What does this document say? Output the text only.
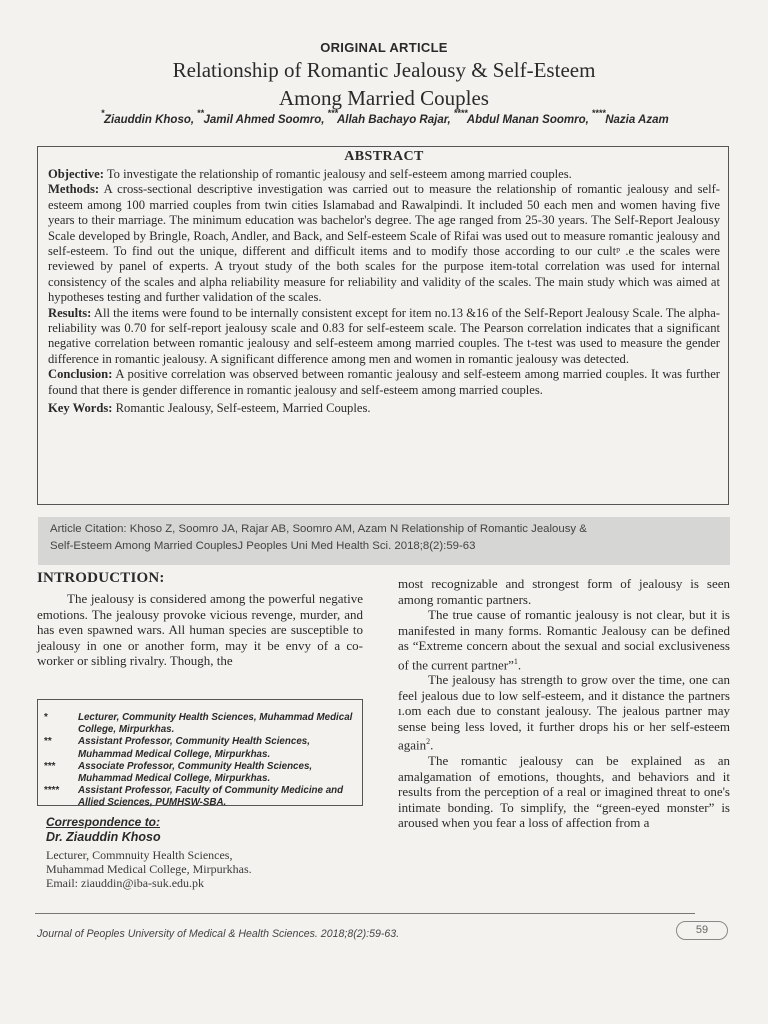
ORIGINAL ARTICLE
Relationship of Romantic Jealousy & Self-Esteem
Among Married Couples
* Ziauddin Khoso, ** Jamil Ahmed Soomro, *** Allah Bachayo Rajar, **** Abdul Manan Soomro, **** Nazia Azam
ABSTRACT

Objective: To investigate the relationship of romantic jealousy and self-esteem among married couples.

Methods: A cross-sectional descriptive investigation was carried out to measure the relationship of romantic jealousy and self-esteem among 100 married couples from twin cities Islamabad and Rawalpindi. It included 50 each men and women having five years to their marriage. The minimum education was bachelor's degree. The age ranged from 25-30 years. The Self-Report Jealousy Scale developed by Bringle, Roach, Andler, and Back, and Self-esteem Scale of Rifai was used out to measure romantic jealousy and self-esteem. To find out the unique, different and difficult items and to modify those according to our cultᵖ .e the scales were reviewed by panel of experts. A tryout study of the both scales for the purpose item-total correlation was used for internal consistency of the scales and alpha reliability measure for reliability and validity of the scales. The main study which was aimed at hypotheses testing and further validation of the scales.

Results: All the items were found to be internally consistent except for item no.13 &16 of the Self-Report Jealousy Scale. The alpha-reliability was 0.70 for self-report jealousy scale and 0.83 for self-esteem scale. The Pearson correlation indicates that a significant negative correlation between romantic jealousy and self-esteem among married couples. The t-test was used to measure the gender difference in romantic jealousy. A significant difference among men and women in romantic jealousy was detected.

Conclusion: A positive correlation was observed between romantic jealousy and self-esteem among married couples. It was further found that there is gender difference in romantic jealousy and self-esteem among married couples.

Key Words: Romantic Jealousy, Self-esteem, Married Couples.

Article Citation: Khoso Z, Soomro JA, Rajar AB, Soomro AM, Azam N Relationship of Romantic Jealousy &
Self-Esteem Among Married CouplesJ Peoples Uni Med Health Sci. 2018;8(2):59-63
INTRODUCTION:

The jealousy is considered among the powerful negative emotions. The jealousy provoke vicious revenge, murder, and has even spawned wars. All human species are susceptible to jealousy in one or another form, may it be envy of a co-worker or sibling rivalry. Though, the

*	Lecturer, Community Health Sciences, Muhammad Medical College, Mirpurkhas.
**	Assistant Professor, Community Health Sciences, Muhammad Medical College, Mirpurkhas.
***	Associate Professor, Community Health Sciences, Muhammad Medical College, Mirpurkhas.
****	Assistant Professor, Faculty of Community Medicine and Allied Sciences, PUMHSW-SBA.
Correspondence to:
Dr. Ziauddin Khoso
Lecturer, Commnuity Health Sciences,
Muhammad Medical College, Mirpurkhas.
Email: ziauddin@iba-suk.edu.pk

most recognizable and strongest form of jealousy is seen among romantic partners.

The true cause of romantic jealousy is not clear, but it is manifested in many forms. Romantic Jealousy can be defined as “Extreme concern about the sexual and social exclusiveness of the current partner”$^1$.

The jealousy has strength to grow over the time, one can feel jealous due to low self-esteem, and it distance the partners ı.om each due to constant jealousy. The jealous partner may sense being less loved, it further drops his or her self-esteem again$^2$.

The romantic jealousy can be explained as an amalgamation of emotions, thoughts, and behaviors and it results from the perception of a real or imagined threat to one's intimate bonding. To simplify, the “green-eyed monster” is aroused when you fear a loss of affection from a

Journal of Peoples University of Medical & Health Sciences. 2018;8(2):59-63.	59
